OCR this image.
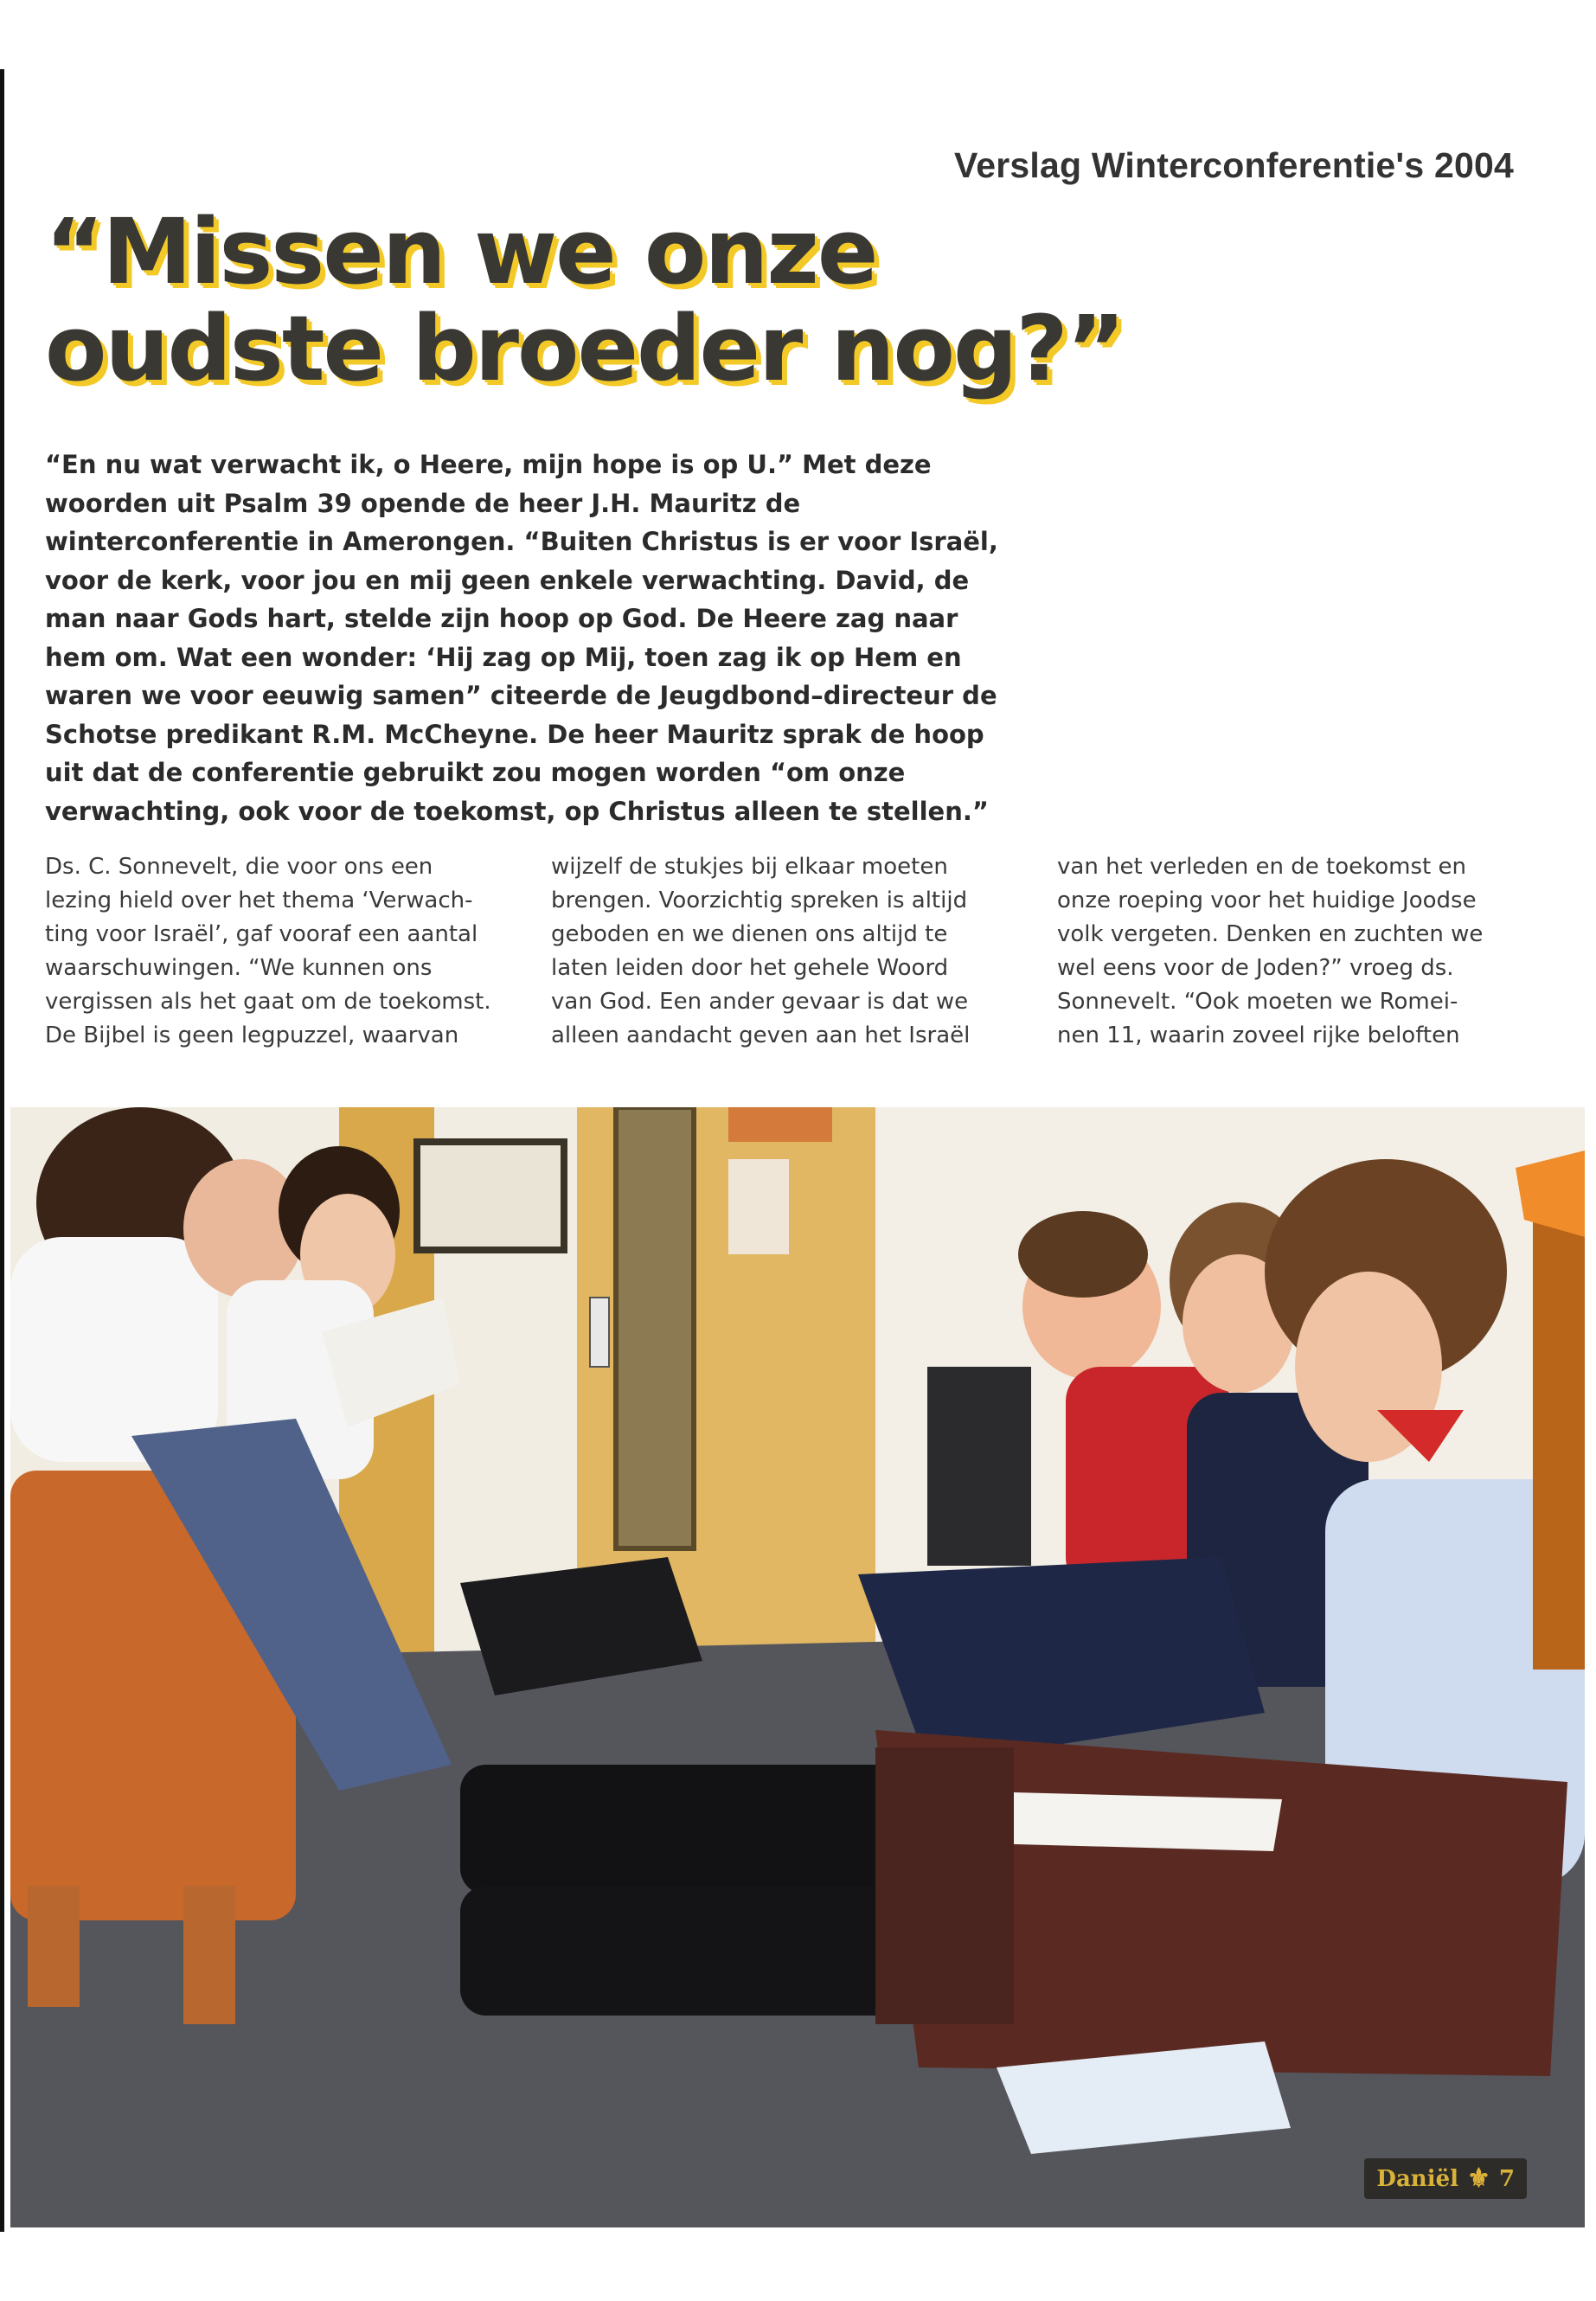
Verslag Winterconferentie's 2004
“Missen we onze
oudste broeder nog?”
“En nu wat verwacht ik, o Heere, mijn hope is op U.” Met deze woorden uit Psalm 39 opende de heer J.H. Mauritz de winterconferentie in Amerongen. “Buiten Christus is er voor Israël, voor de kerk, voor jou en mij geen enkele verwachting. David, de man naar Gods hart, stelde zijn hoop op God. De Heere zag naar hem om. Wat een wonder: ‘Hij zag op Mij, toen zag ik op Hem en waren we voor eeuwig samen” citeerde de Jeugdbond–directeur de Schotse predikant R.M. McCheyne. De heer Mauritz sprak de hoop uit dat de conferentie gebruikt zou mogen worden “om onze verwachting, ook voor de toekomst, op Christus alleen te stellen.”
Ds. C. Sonnevelt, die voor ons een
lezing hield over het thema ‘Verwach-
ting voor Israël’, gaf vooraf een aantal
waarschuwingen. “We kunnen ons
vergissen als het gaat om de toekomst.
De Bijbel is geen legpuzzel, waarvan
wijzelf de stukjes bij elkaar moeten
brengen. Voorzichtig spreken is altijd
geboden en we dienen ons altijd te
laten leiden door het gehele Woord
van God. Een ander gevaar is dat we
alleen aandacht geven aan het Israël
van het verleden en de toekomst en
onze roeping voor het huidige Joodse
volk vergeten. Denken en zuchten we
wel eens voor de Joden?” vroeg ds.
Sonnevelt. “Ook moeten we Romei-
nen 11, waarin zoveel rijke beloften
Daniël ⚜ 7
